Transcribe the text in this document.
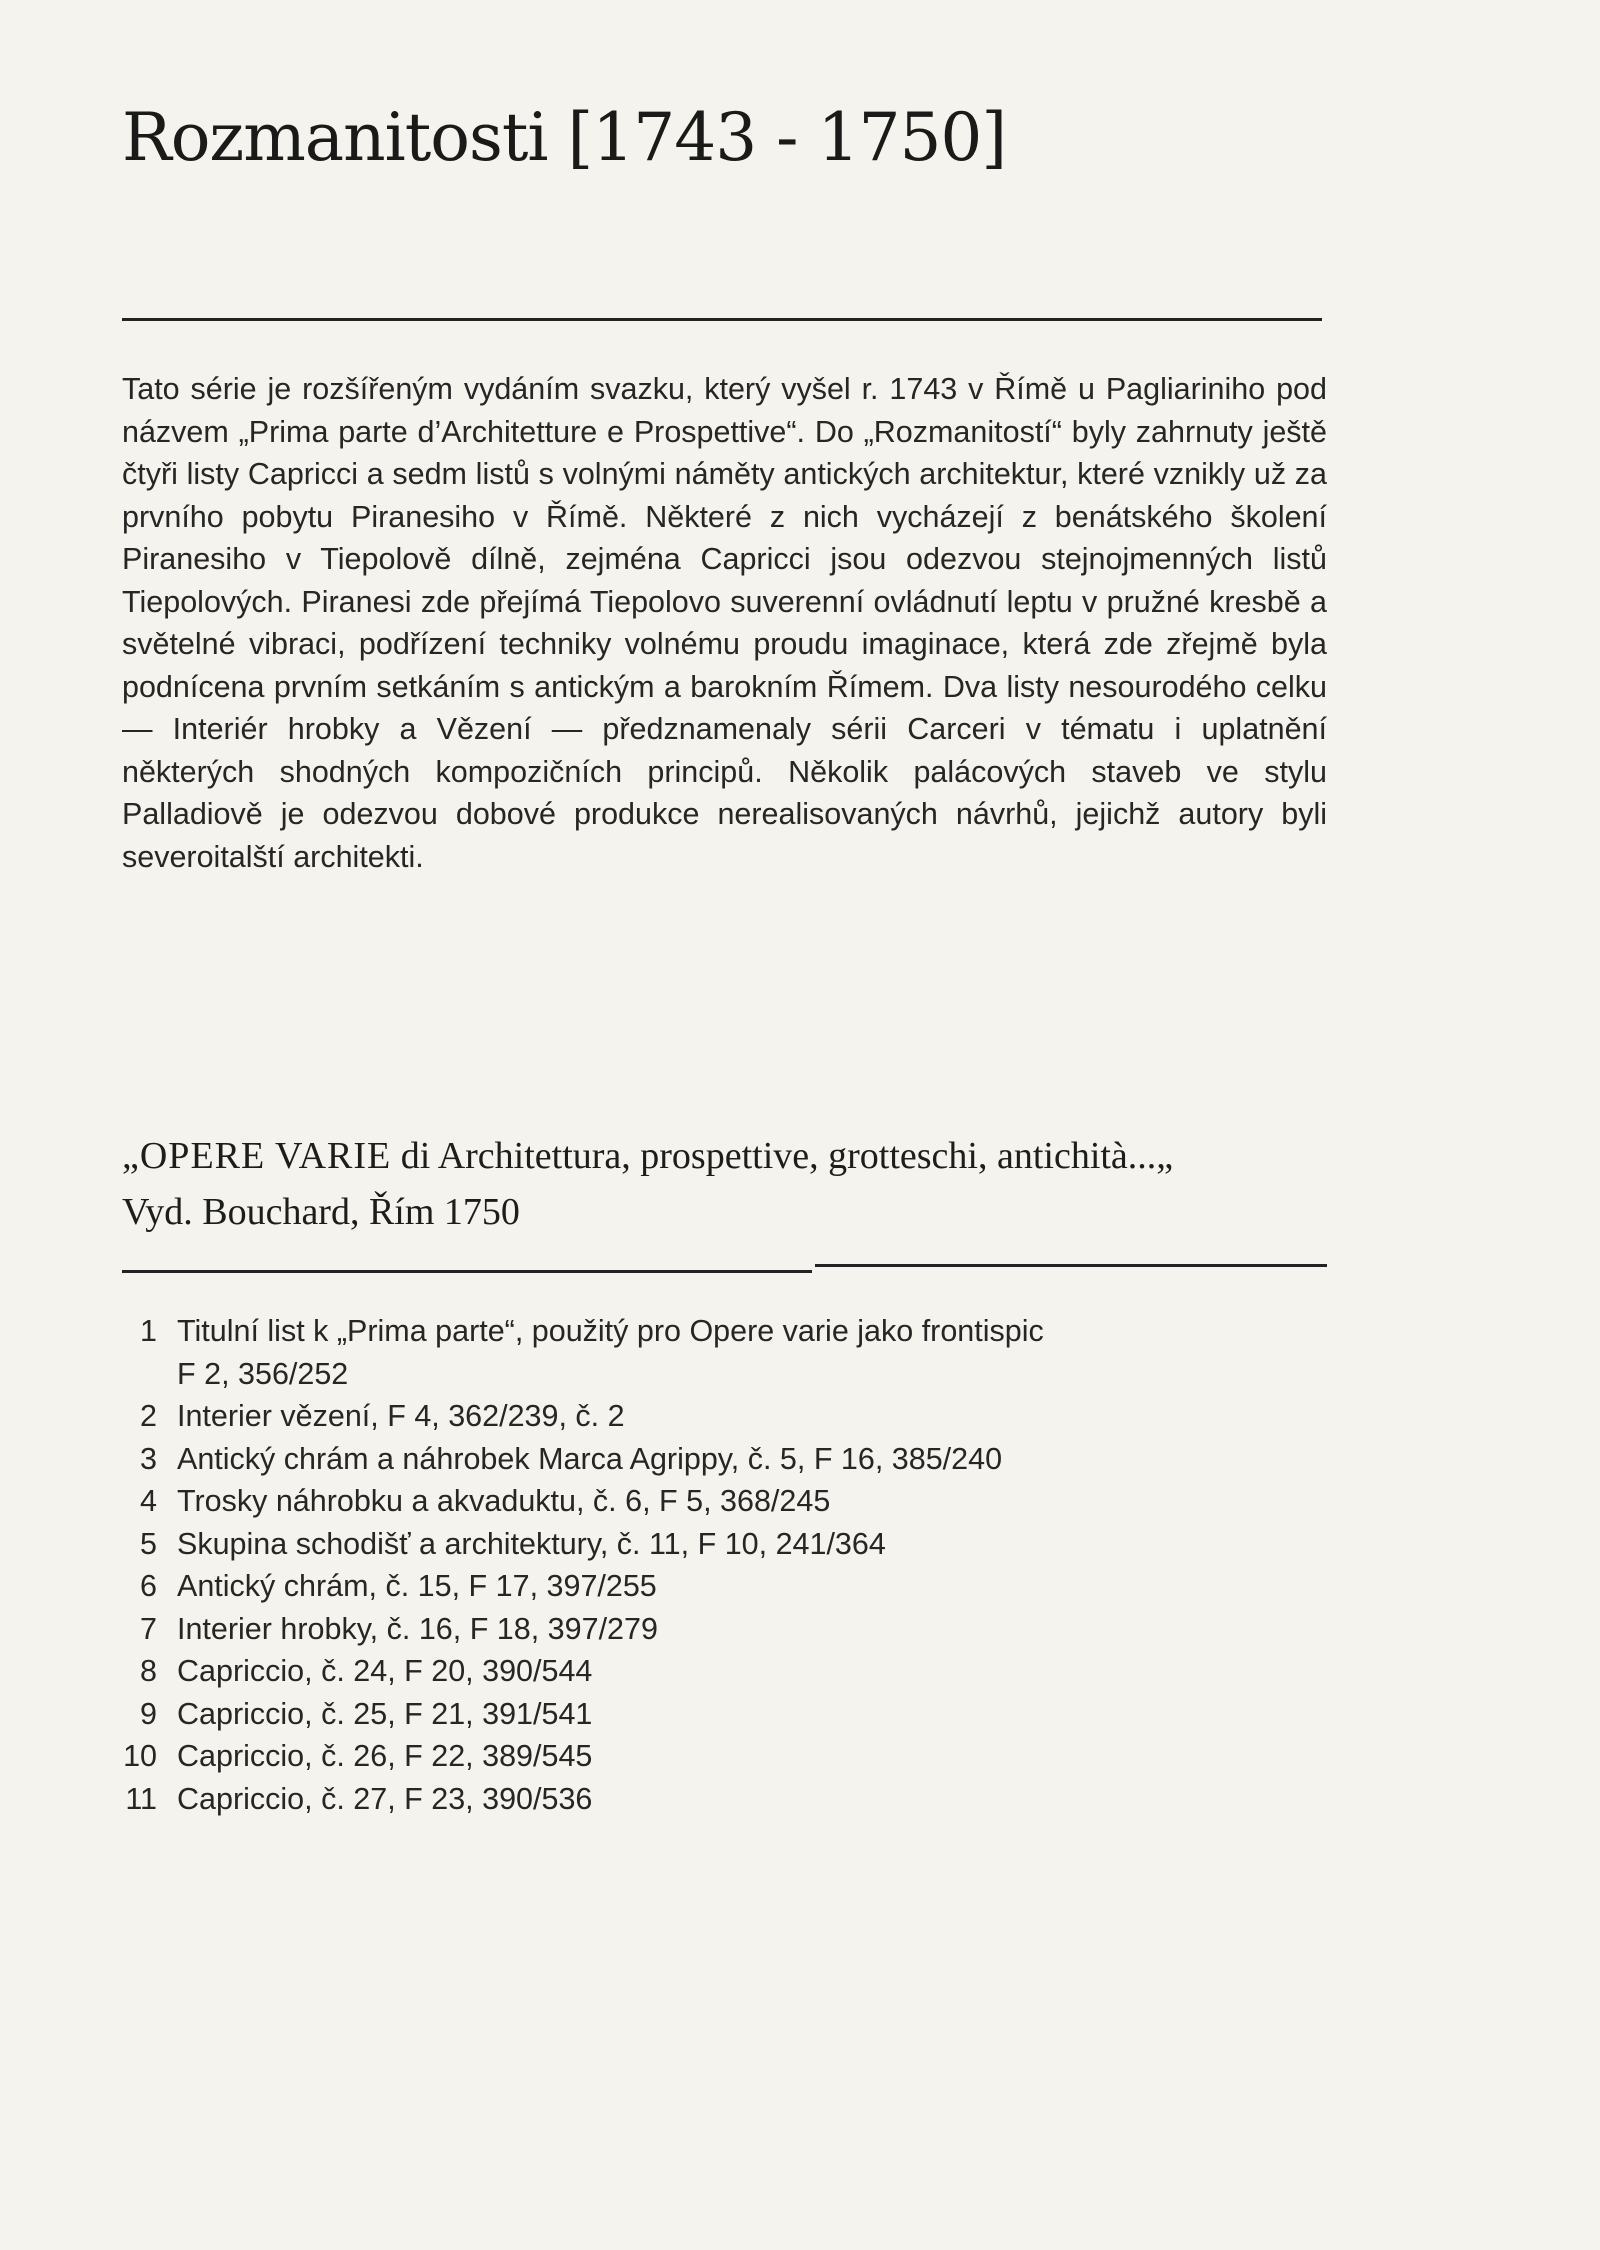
Rozmanitosti [1743 - 1750]

Tato série je rozšířeným vydáním svazku, který vyšel r. 1743 v Římě u Pagliariniho pod názvem „Prima parte d’Architetture e Prospettive“. Do „Rozmanitostí“ byly zahrnuty ještě čtyři listy Capricci a sedm listů s volnými náměty antických architektur, které vznikly už za prvního pobytu Piranesiho v Římě. Některé z nich vycházejí z benátského školení Piranesiho v Tiepolově dílně, zejména Capricci jsou odezvou stejnojmenných listů Tiepolových. Piranesi zde přejímá Tiepolovo suverenní ovládnutí leptu v pružné kresbě a světelné vibraci, podřízení techniky volnému proudu imaginace, která zde zřejmě byla podnícena prvním setkáním s antickým a barokním Římem. Dva listy nesourodého celku — Interiér hrobky a Vězení — předznamenaly sérii Carceri v tématu i uplatnění některých shodných kompozičních principů. Několik palácových staveb ve stylu Palladiově je odezvou dobové produkce nerealisovaných návrhů, jejichž autory byli severoitalští architekti.

„OPERE VARIE di Architettura, prospettive, grotteschi, antichità...„
Vyd. Bouchard, Řím 1750

1 Titulní list k „Prima parte“, použitý pro Opere varie jako frontispic
F 2, 356/252
2 Interier vězení, F 4, 362/239, č. 2
3 Antický chrám a náhrobek Marca Agrippy, č. 5, F 16, 385/240
4 Trosky náhrobku a akvaduktu, č. 6, F 5, 368/245
5 Skupina schodišť a architektury, č. 11, F 10, 241/364
6 Antický chrám, č. 15, F 17, 397/255
7 Interier hrobky, č. 16, F 18, 397/279
8 Capriccio, č. 24, F 20, 390/544
9 Capriccio, č. 25, F 21, 391/541
10 Capriccio, č. 26, F 22, 389/545
11 Capriccio, č. 27, F 23, 390/536
